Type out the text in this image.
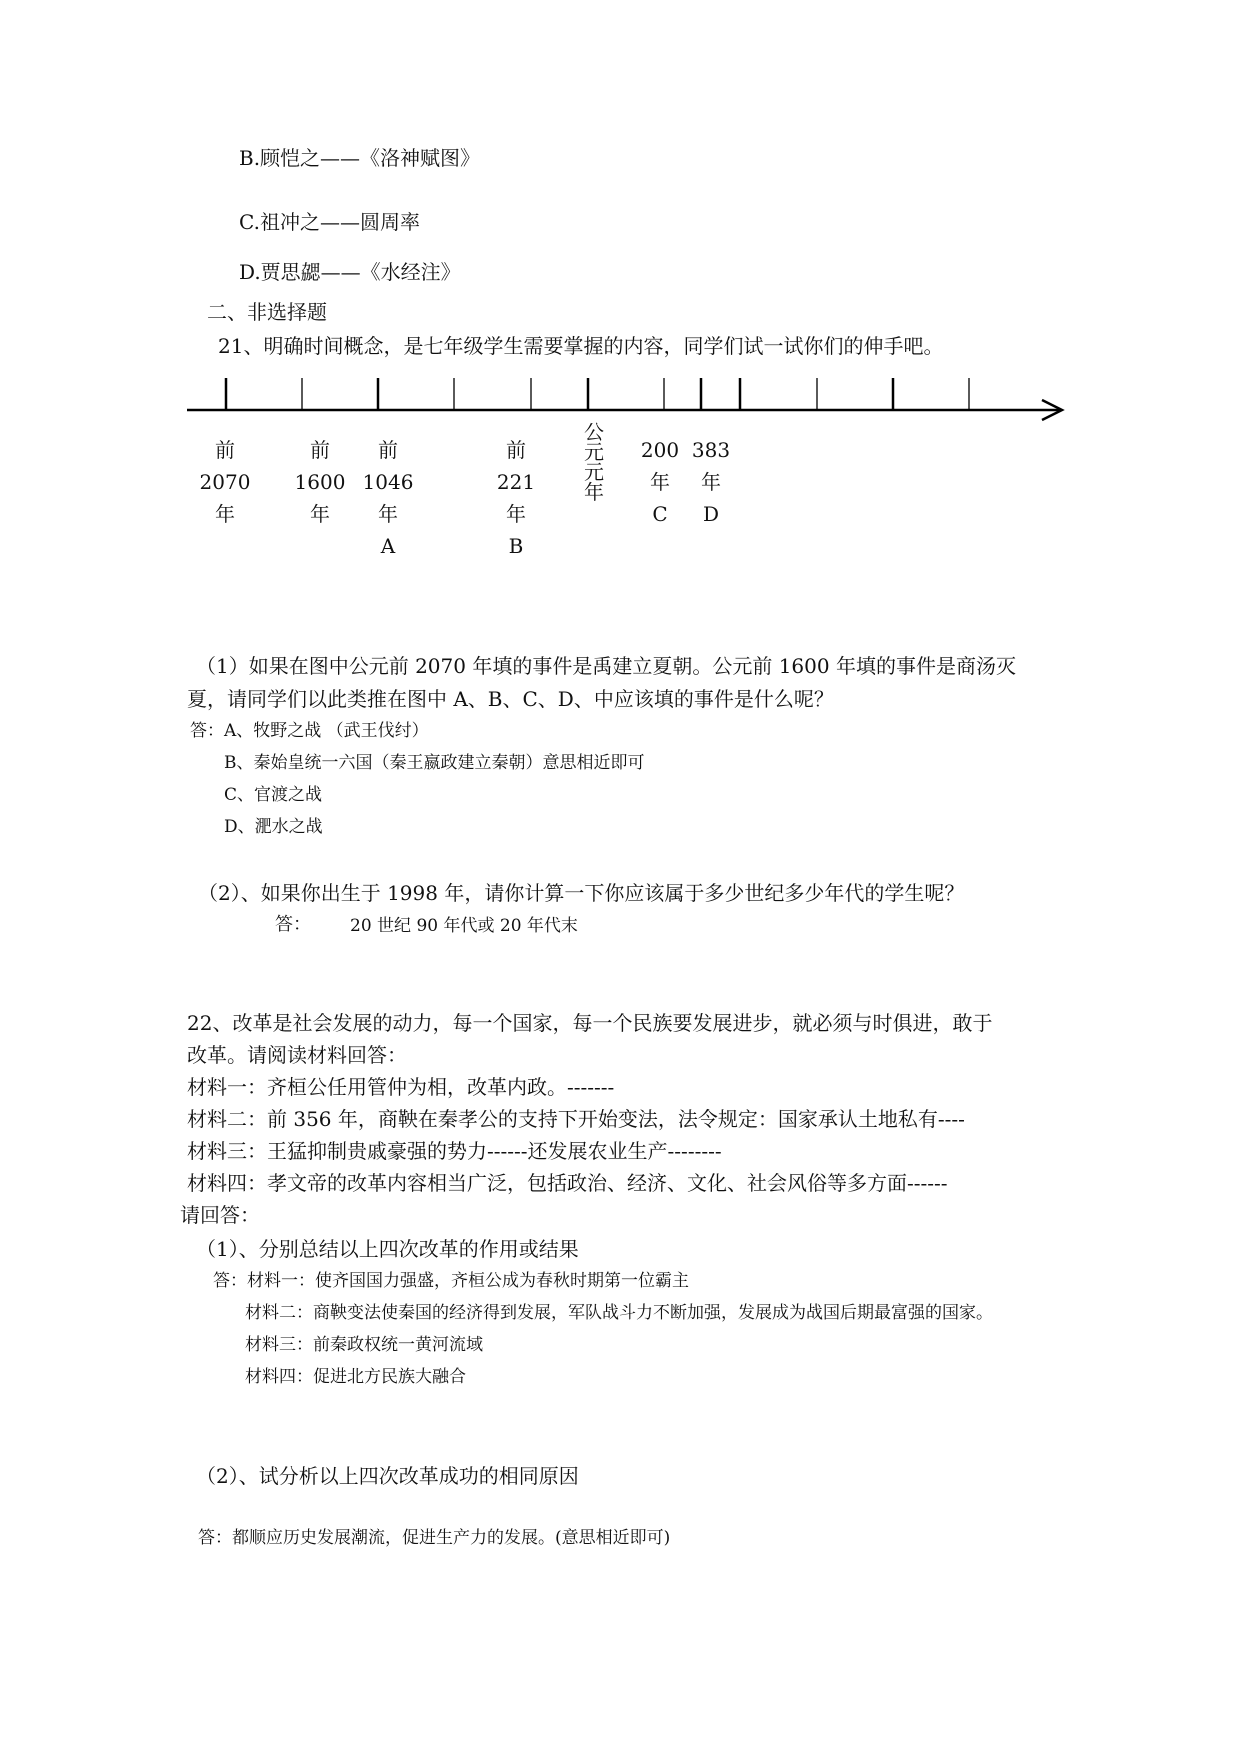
B.顾恺之——《洛神赋图》
C.祖冲之——圆周率
D.贾思勰——《水经注》
二、非选择题
21、明确时间概念，是七年级学生需要掌握的内容，同学们试一试你们的伸手吧。
前
2070
年
前
1600
年
前
1046
年
A
前
221
年
B
公
元
元
年
200
年
C
383
年
D
（1）如果在图中公元前 2070 年填的事件是禹建立夏朝。公元前 1600 年填的事件是商汤灭
夏，请同学们以此类推在图中 A、B、C、D、中应该填的事件是什么呢？
答：A、牧野之战 （武王伐纣）
B、秦始皇统一六国（秦王嬴政建立秦朝）意思相近即可
C、官渡之战
D、淝水之战
（2）、如果你出生于 1998 年，请你计算一下你应该属于多少世纪多少年代的学生呢？
答： 20 世纪 90 年代或 20 年代末
22、改革是社会发展的动力，每一个国家，每一个民族要发展进步，就必须与时俱进，敢于
改革。请阅读材料回答：
材料一：齐桓公任用管仲为相，改革内政。-------
材料二：前 356 年，商鞅在秦孝公的支持下开始变法，法令规定：国家承认土地私有----
材料三：王猛抑制贵戚豪强的势力------还发展农业生产--------
材料四：孝文帝的改革内容相当广泛，包括政治、经济、文化、社会风俗等多方面------
请回答：
（1）、分别总结以上四次改革的作用或结果
答：材料一：使齐国国力强盛，齐桓公成为春秋时期第一位霸主
材料二：商鞅变法使秦国的经济得到发展，军队战斗力不断加强，发展成为战国后期最富强的国家。
材料三：前秦政权统一黄河流域
材料四：促进北方民族大融合
（2）、试分析以上四次改革成功的相同原因
答：都顺应历史发展潮流，促进生产力的发展。(意思相近即可)
